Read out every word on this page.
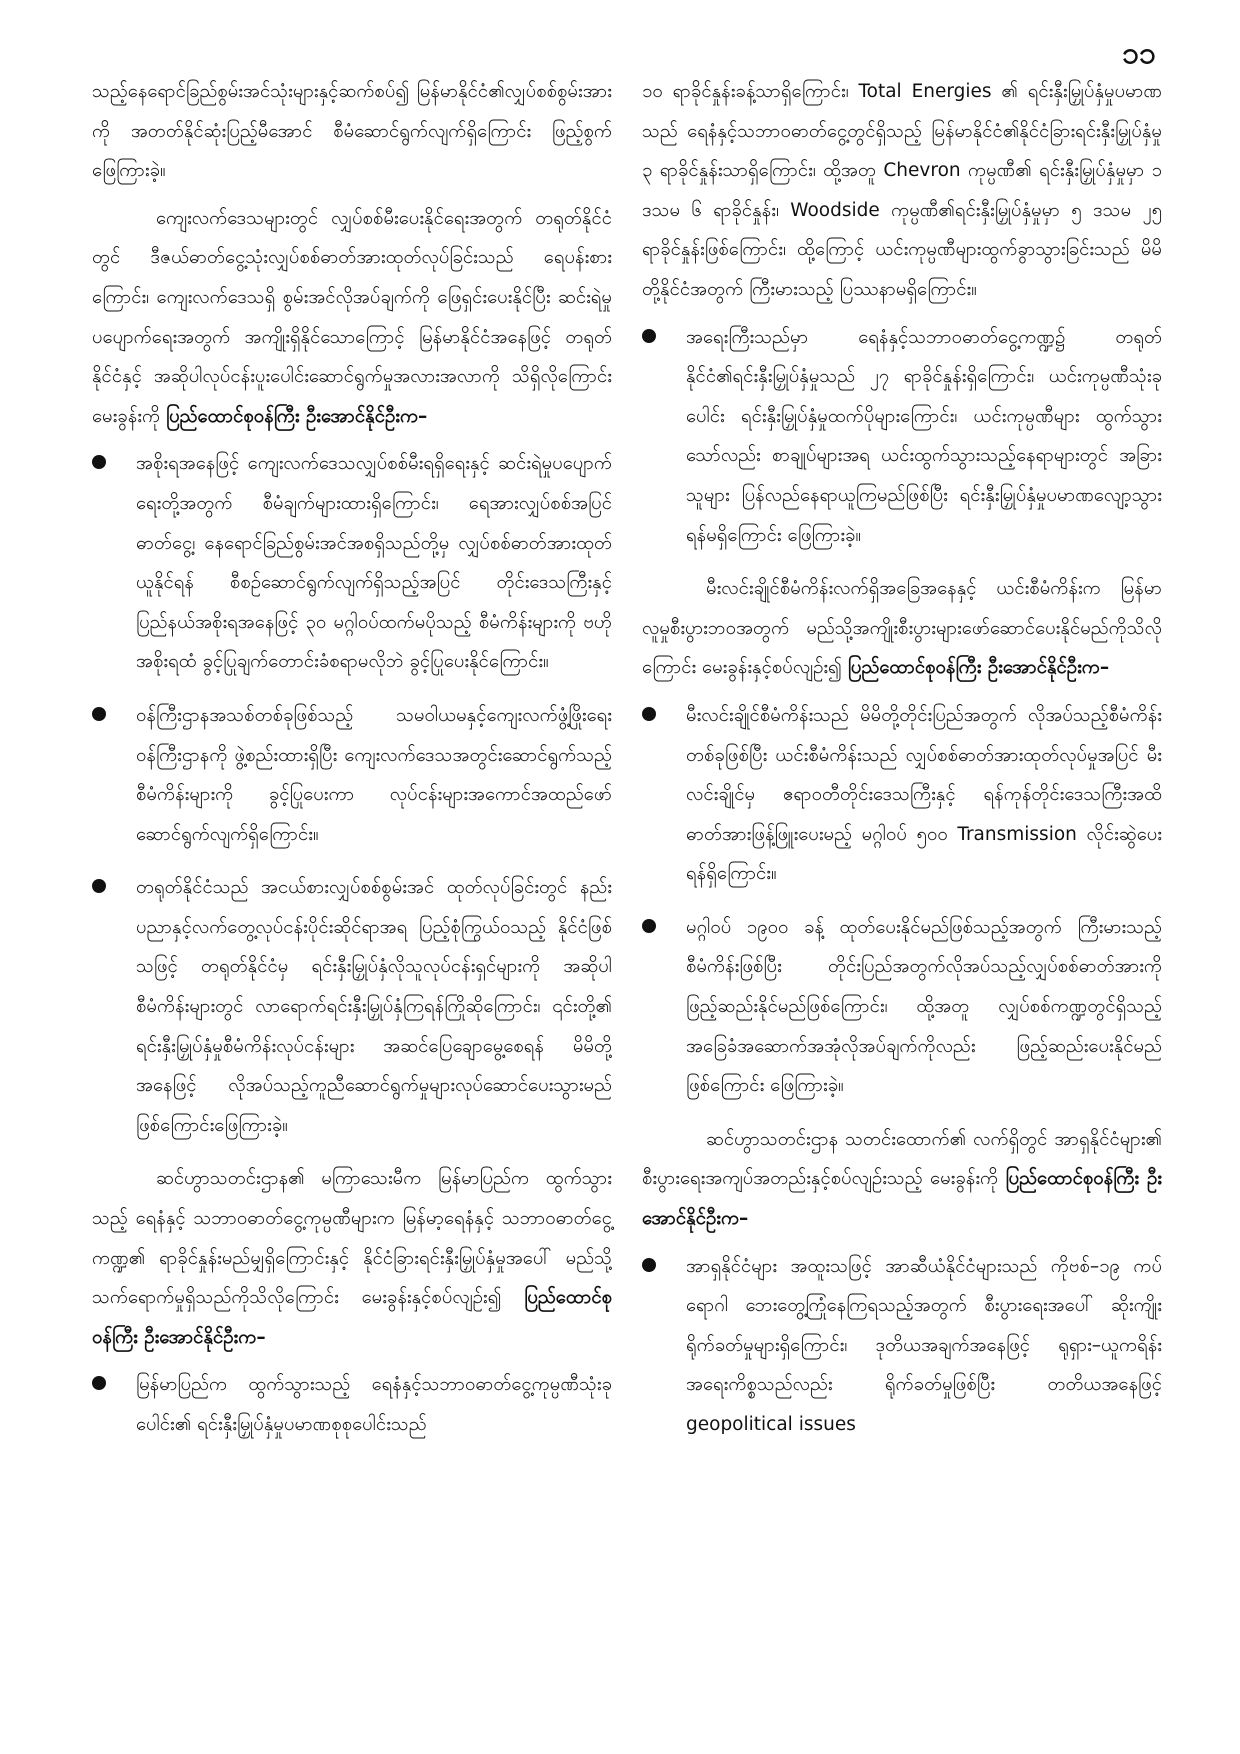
၁၁

သည့်နေရောင်ခြည်စွမ်းအင်သုံးများနှင့်ဆက်စပ်၍ မြန်မာနိုင်ငံ၏လျှပ်စစ်စွမ်းအားကို အတတ်နိုင်ဆုံးပြည့်မီအောင် စီမံဆောင်ရွက်လျက်ရှိကြောင်း ဖြည့်စွက်ဖြေကြားခဲ့။

ကျေးလက်ဒေသများတွင် လျှပ်စစ်မီးပေးနိုင်ရေးအတွက် တရုတ်နိုင်ငံတွင် ဒီဇယ်ဓာတ်ငွေ့သုံးလျှပ်စစ်ဓာတ်အားထုတ်လုပ်ခြင်းသည် ရေပန်းစားကြောင်း၊ ကျေးလက်ဒေသရှိ စွမ်းအင်လိုအပ်ချက်ကို ဖြေရှင်းပေးနိုင်ပြီး ဆင်းရဲမှုပပျောက်ရေးအတွက် အကျိုးရှိနိုင်သောကြောင့် မြန်မာနိုင်ငံအနေဖြင့် တရုတ်နိုင်ငံနှင့် အဆိုပါလုပ်ငန်းပူးပေါင်းဆောင်ရွက်မှုအလားအလာကို သိရှိလိုကြောင်းမေးခွန်းကို ပြည်ထောင်စုဝန်ကြီး ဦးအောင်နိုင်ဦးက–

အစိုးရအနေဖြင့် ကျေးလက်ဒေသလျှပ်စစ်မီးရရှိရေးနှင့် ဆင်းရဲမှုပပျောက်ရေးတို့အတွက် စီမံချက်များထားရှိကြောင်း၊ ရေအားလျှပ်စစ်အပြင် ဓာတ်ငွေ့၊ နေရောင်ခြည်စွမ်းအင်အစရှိသည်တို့မှ လျှပ်စစ်ဓာတ်အားထုတ်ယူနိုင်ရန် စီစဉ်ဆောင်ရွက်လျက်ရှိသည့်အပြင် တိုင်းဒေသကြီးနှင့် ပြည်နယ်အစိုးရအနေဖြင့် ၃၀ မဂ္ဂါဝပ်ထက်မပိုသည့် စီမံကိန်းများကို ဗဟိုအစိုးရထံ ခွင့်ပြုချက်တောင်းခံစရာမလိုဘဲ ခွင့်ပြုပေးနိုင်ကြောင်း။
ဝန်ကြီးဌာနအသစ်တစ်ခုဖြစ်သည့် သမဝါယမနှင့်ကျေးလက်ဖွံ့ဖြိုးရေးဝန်ကြီးဌာနကို ဖွဲ့စည်းထားရှိပြီး ကျေးလက်ဒေသအတွင်းဆောင်ရွက်သည့်စီမံကိန်းများကို ခွင့်ပြုပေးကာ လုပ်ငန်းများအကောင်အထည်ဖော်ဆောင်ရွက်လျက်ရှိကြောင်း။
တရုတ်နိုင်ငံသည် အငယ်စားလျှပ်စစ်စွမ်းအင် ထုတ်လုပ်ခြင်းတွင် နည်းပညာနှင့်လက်တွေ့လုပ်ငန်းပိုင်းဆိုင်ရာအရ ပြည့်စုံကြွယ်ဝသည့် နိုင်ငံဖြစ်သဖြင့် တရုတ်နိုင်ငံမှ ရင်းနှီးမြှုပ်နှံလိုသူလုပ်ငန်းရှင်များကို အဆိုပါစီမံကိန်းများတွင် လာရောက်ရင်းနှီးမြှုပ်နှံကြရန်ကြိုဆိုကြောင်း၊ ၎င်းတို့၏ ရင်းနှီးမြှုပ်နှံမှုစီမံကိန်းလုပ်ငန်းများ အဆင်ပြေချောမွေ့စေရန် မိမိတို့အနေဖြင့် လိုအပ်သည့်ကူညီဆောင်ရွက်မှုများလုပ်ဆောင်ပေးသွားမည်ဖြစ်ကြောင်းဖြေကြားခဲ့။

ဆင်ဟွာသတင်းဌာန၏ မကြာသေးမီက မြန်မာပြည်က ထွက်သွားသည့် ရေနံနှင့် သဘာဝဓာတ်ငွေ့ကုမ္ပဏီများက မြန်မာ့ရေနံနှင့် သဘာဝဓာတ်ငွေ့ကဏ္ဍ၏ ရာခိုင်နှုန်းမည်မျှရှိကြောင်းနှင့် နိုင်ငံခြားရင်းနှီးမြှုပ်နှံမှုအပေါ် မည်သို့သက်ရောက်မှုရှိသည်ကိုသိလိုကြောင်း မေးခွန်းနှင့်စပ်လျဉ်း၍ ပြည်ထောင်စုဝန်ကြီး ဦးအောင်နိုင်ဦးက–

မြန်မာပြည်က ထွက်သွားသည့် ရေနံနှင့်သဘာဝဓာတ်ငွေ့ကုမ္ပဏီသုံးခုပေါင်း၏ ရင်းနှီးမြှုပ်နှံမှုပမာဏစုစုပေါင်းသည်

၁၀ ရာခိုင်နှုန်းခန့်သာရှိကြောင်း၊ Total Energies ၏ ရင်းနှီးမြှုပ်နှံမှုပမာဏသည် ရေနံနှင့်သဘာဝဓာတ်ငွေ့တွင်ရှိသည့် မြန်မာနိုင်ငံ၏နိုင်ငံခြားရင်းနှီးမြှုပ်နှံမှု ၃ ရာခိုင်နှုန်းသာရှိကြောင်း၊ ထို့အတူ Chevron ကုမ္ပဏီ၏ ရင်းနှီးမြှုပ်နှံမှုမှာ ၁ ဒသမ ၆ ရာခိုင်နှုန်း၊ Woodside ကုမ္ပဏီ၏ရင်းနှီးမြှုပ်နှံမှုမှာ ၅ ဒသမ ၂၅ ရာခိုင်နှုန်းဖြစ်ကြောင်း၊ ထို့ကြောင့် ယင်းကုမ္ပဏီများထွက်ခွာသွားခြင်းသည် မိမိတို့နိုင်ငံအတွက် ကြီးမားသည့် ပြဿနာမရှိကြောင်း။

အရေးကြီးသည်မှာ ရေနံနှင့်သဘာဝဓာတ်ငွေ့ကဏ္ဍ၌ တရုတ်နိုင်ငံ၏ရင်းနှီးမြှုပ်နှံမှုသည် ၂၇ ရာခိုင်နှုန်းရှိကြောင်း၊ ယင်းကုမ္ပဏီသုံးခုပေါင်း ရင်းနှီးမြှုပ်နှံမှုထက်ပိုများကြောင်း၊ ယင်းကုမ္ပဏီများ ထွက်သွားသော်လည်း စာချုပ်များအရ ယင်းထွက်သွားသည့်နေရာများတွင် အခြားသူများ ပြန်လည်နေရာယူကြမည်ဖြစ်ပြီး ရင်းနှီးမြှုပ်နှံမှုပမာဏလျော့သွားရန်မရှိကြောင်း ဖြေကြားခဲ့။

မီးလင်းချိုင်စီမံကိန်းလက်ရှိအခြေအနေနှင့် ယင်းစီမံကိန်းက မြန်မာလူမှုစီးပွားဘဝအတွက် မည်သို့အကျိုးစီးပွားများဖော်ဆောင်ပေးနိုင်မည်ကိုသိလိုကြောင်း မေးခွန်းနှင့်စပ်လျဉ်း၍ ပြည်ထောင်စုဝန်ကြီး ဦးအောင်နိုင်ဦးက–

မီးလင်းချိုင်စီမံကိန်းသည် မိမိတို့တိုင်းပြည်အတွက် လိုအပ်သည့်စီမံကိန်းတစ်ခုဖြစ်ပြီး ယင်းစီမံကိန်းသည် လျှပ်စစ်ဓာတ်အားထုတ်လုပ်မှုအပြင် မီးလင်းချိုင်မှ ဧရာဝတီတိုင်းဒေသကြီးနှင့် ရန်ကုန်တိုင်းဒေသကြီးအထိ ဓာတ်အားဖြန့်ဖြူးပေးမည့် မဂ္ဂါဝပ် ၅၀၀ Transmission လိုင်းဆွဲပေးရန်ရှိကြောင်း။
မဂ္ဂါဝပ် ၁၉၀၀ ခန့် ထုတ်ပေးနိုင်မည်ဖြစ်သည့်အတွက် ကြီးမားသည့်စီမံကိန်းဖြစ်ပြီး တိုင်းပြည်အတွက်လိုအပ်သည့်လျှပ်စစ်ဓာတ်အားကို ဖြည့်ဆည်းနိုင်မည်ဖြစ်ကြောင်း၊ ထို့အတူ လျှပ်စစ်ကဏ္ဍတွင်ရှိသည့် အခြေခံအဆောက်အအုံလိုအပ်ချက်ကိုလည်း ဖြည့်ဆည်းပေးနိုင်မည်ဖြစ်ကြောင်း ဖြေကြားခဲ့။

ဆင်ဟွာသတင်းဌာန သတင်းထောက်၏ လက်ရှိတွင် အာရှနိုင်ငံများ၏ စီးပွားရေးအကျပ်အတည်းနှင့်စပ်လျဉ်းသည့် မေးခွန်းကို ပြည်ထောင်စုဝန်ကြီး ဦးအောင်နိုင်ဦးက–

အာရှနိုင်ငံများ အထူးသဖြင့် အာဆီယံနိုင်ငံများသည် ကိုဗစ်–၁၉ ကပ်ရောဂါ ဘေးတွေ့ကြုံနေကြရသည့်အတွက် စီးပွားရေးအပေါ် ဆိုးကျိုးရိုက်ခတ်မှုများရှိကြောင်း၊ ဒုတိယအချက်အနေဖြင့် ရုရှား–ယူကရိန်း အရေးကိစ္စသည်လည်း ရိုက်ခတ်မှုဖြစ်ပြီး တတိယအနေဖြင့် geopolitical issues
